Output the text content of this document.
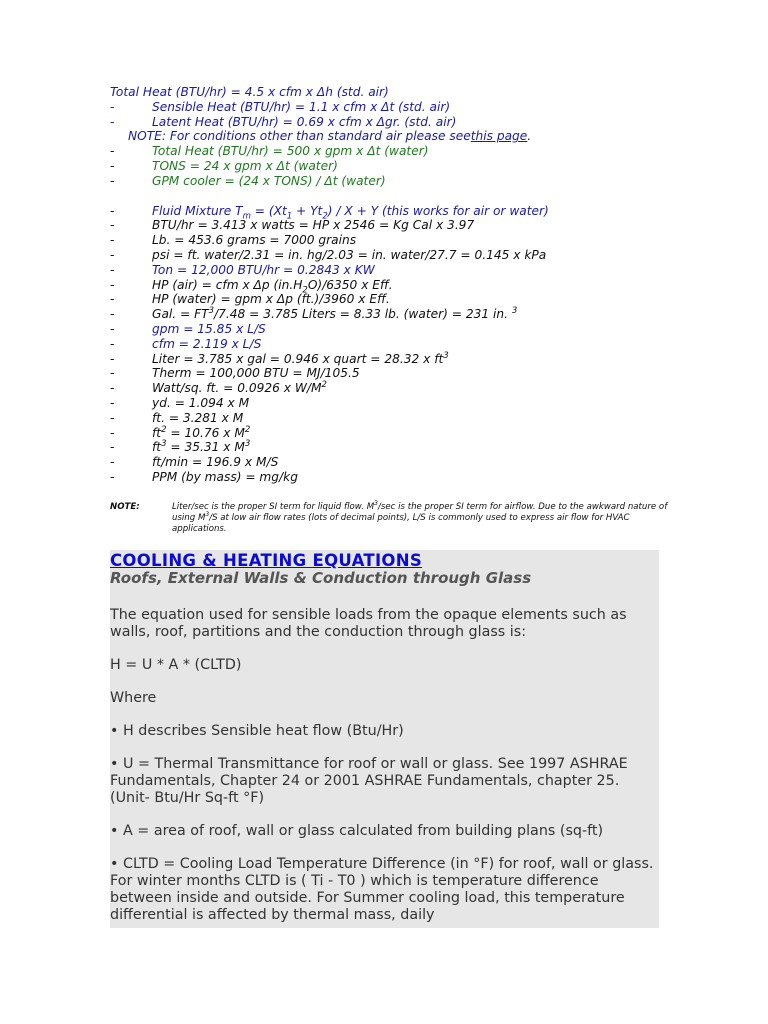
Total Heat (BTU/hr) = 4.5 x cfm x Δh (std. air)
-	Sensible Heat (BTU/hr) = 1.1 x cfm x Δt (std. air)
-	Latent Heat (BTU/hr) = 0.69 x cfm x Δgr. (std. air)
NOTE: For conditions other than standard air please see this page .
-	Total Heat (BTU/hr) = 500 x gpm x Δt (water)
-	TONS = 24 x gpm x Δt (water)
-	GPM cooler = (24 x TONS) / Δt (water)
-	Fluid Mixture $T_m = (Xt_1 + Yt_2) / X + Y$ (this works for air or water)
-	BTU/hr = 3.413 x watts = HP x 2546 = Kg Cal x 3.97
-	Lb. = 453.6 grams = 7000 grains
-	psi = ft. water/2.31 = in. hg/2.03 = in. water/27.7 = 0.145 x kPa
-	Ton = 12,000 BTU/hr = 0.2843 x KW
-	HP (air) = cfm x Δp $(in.H_2O)/6350$ x Eff.
-	HP (water) = gpm x Δp (ft.)/3960 x Eff.
-	Gal. = $FT^3/7.48 = 3.785$ Liters = 8.33 lb. (water) = 231 in. $^3$
-	gpm = 15.85 x L/S
-	cfm = 2.119 x L/S
-	Liter = 3.785 x gal = 0.946 x quart = 28.32 x $ft^3$
-	Therm = 100,000 BTU = MJ/105.5
-	Watt/sq. ft. = 0.0926 x $W/M^2$
-	yd. = 1.094 x M
-	ft. = 3.281 x M
-	$ft^2 = 10.76$ x $M^2$
-	$ft^3 = 35.31$ x $M^3$
-	ft/min = 196.9 x M/S
-	PPM (by mass) = mg/kg
NOTE:	Liter/sec is the proper SI term for liquid flow. $M^3/\sec$ is the proper SI term for airflow. Due to the awkward nature of using $M^3/S$ at low air flow rates (lots of decimal points), L/S is commonly used to express air flow for HVAC applications.
COOLING & HEATING EQUATIONS
Roofs, External Walls & Conduction through Glass

The equation used for sensible loads from the opaque elements such as walls, roof, partitions and the conduction through glass is:

H = U * A * (CLTD)

Where

• H describes Sensible heat flow (Btu/Hr)

• U = Thermal Transmittance for roof or wall or glass. See 1997 ASHRAE Fundamentals, Chapter 24 or 2001 ASHRAE Fundamentals, chapter 25. (Unit- Btu/Hr Sq-ft °F)

• A = area of roof, wall or glass calculated from building plans (sq-ft)

• CLTD = Cooling Load Temperature Difference (in °F) for roof, wall or glass. For winter months CLTD is ( Ti - T0 ) which is temperature difference between inside and outside. For Summer cooling load, this temperature differential is affected by thermal mass, daily
